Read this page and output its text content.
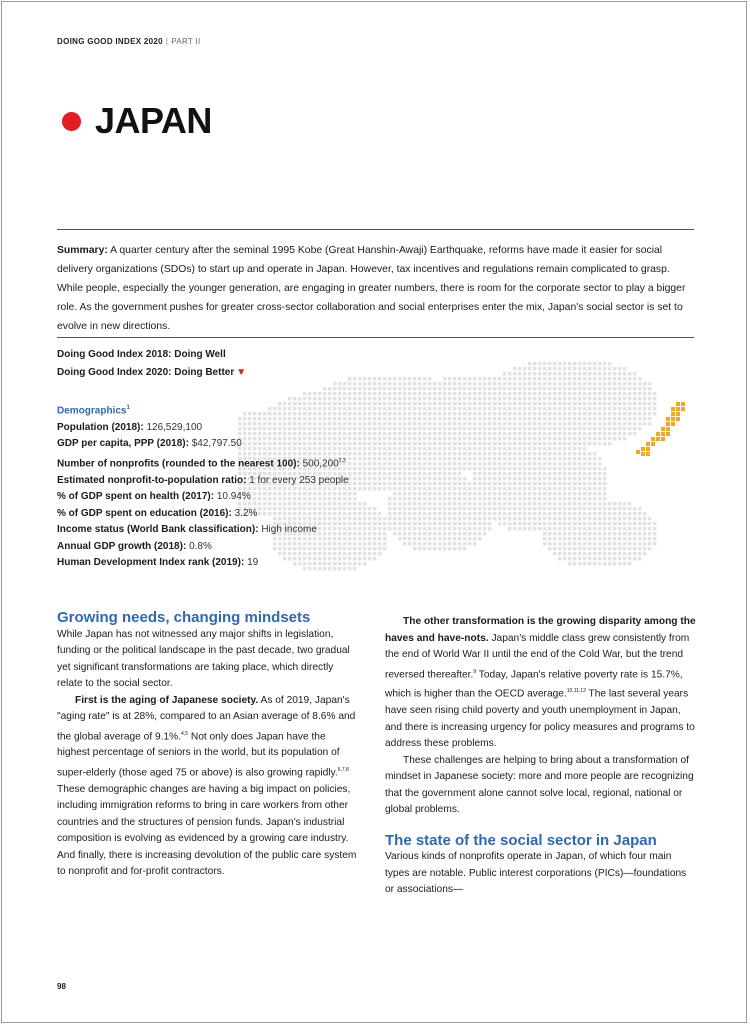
DOING GOOD INDEX 2020 | PART II
JAPAN
Summary: A quarter century after the seminal 1995 Kobe (Great Hanshin-Awaji) Earthquake, reforms have made it easier for social delivery organizations (SDOs) to start up and operate in Japan. However, tax incentives and regulations remain complicated to grasp. While people, especially the younger generation, are engaging in greater numbers, there is room for the corporate sector to play a bigger role. As the government pushes for greater cross-sector collaboration and social enterprises enter the mix, Japan's social sector is set to evolve in new directions.
Doing Good Index 2018: Doing Well
Doing Good Index 2020: Doing Better ▼
Demographics$^1$
Population (2018): 126,529,100
GDP per capita, PPP (2018): $42,797.50
Number of nonprofits (rounded to the nearest 100): 500,200$^{2,3}$
Estimated nonprofit-to-population ratio: 1 for every 253 people
% of GDP spent on health (2017): 10.94%
% of GDP spent on education (2016): 3.2%
Income status (World Bank classification): High income
Annual GDP growth (2018): 0.8%
Human Development Index rank (2019): 19
Growing needs, changing mindsets

While Japan has not witnessed any major shifts in legislation, funding or the political landscape in the past decade, two gradual yet significant transformations are taking place, which directly relate to the social sector.

First is the aging of Japanese society. As of 2019, Japan's "aging rate" is at 28%, compared to an Asian average of 8.6% and the global average of 9.1%.$^{4,5}$ Not only does Japan have the highest percentage of seniors in the world, but its population of super-elderly (those aged 75 or above) is also growing rapidly.$^{6,7,8}$ These demographic changes are having a big impact on policies, including immigration reforms to bring in care workers from other countries and the structures of pension funds. Japan's industrial composition is evolving as evidenced by a growing care industry. And finally, there is increasing devolution of the public care system to nonprofit and for-profit contractors.

The other transformation is the growing disparity among the haves and have-nots. Japan's middle class grew consistently from the end of World War II until the end of the Cold War, but the trend reversed thereafter.$^9$ Today, Japan's relative poverty rate is 15.7%, which is higher than the OECD average.$^{10,11,12}$ The last several years have seen rising child poverty and youth unemployment in Japan, and there is increasing urgency for policy measures and programs to address these problems.

These challenges are helping to bring about a transformation of mindset in Japanese society: more and more people are recognizing that the government alone cannot solve local, regional, national or global problems.

The state of the social sector in Japan

Various kinds of nonprofits operate in Japan, of which four main types are notable. Public interest corporations (PICs)—foundations or associations—

98
